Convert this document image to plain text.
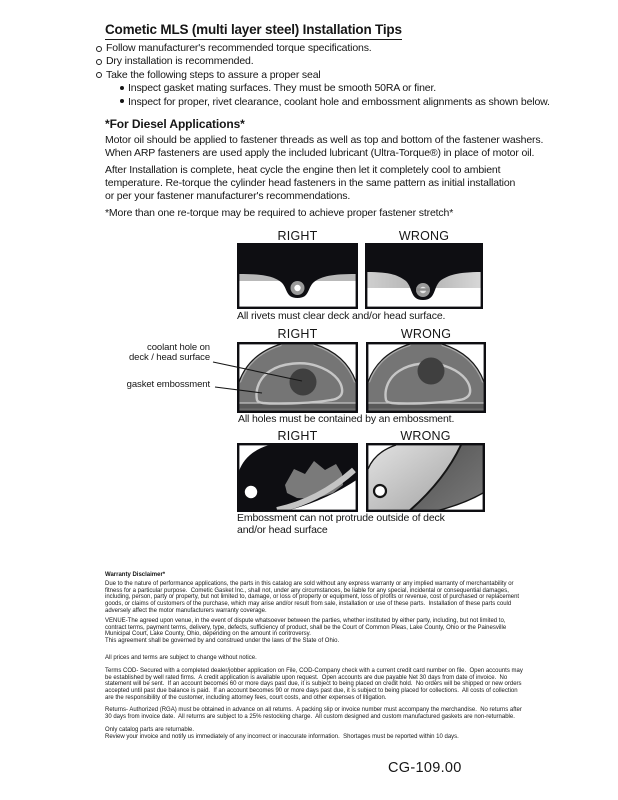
Cometic MLS (multi layer steel) Installation Tips
Follow manufacturer's recommended torque specifications.
Dry installation is recommended.
Take the following steps to assure a proper seal
Inspect gasket mating surfaces. They must be smooth 50RA or finer.
Inspect for proper, rivet clearance, coolant hole and embossment alignments as shown below.
*For Diesel Applications*
Motor oil should be applied to fastener threads as well as top and bottom of the fastener washers.
When ARP fasteners are used apply the included lubricant (Ultra-Torque®) in place of motor oil.
After Installation is complete, heat cycle the engine then let it completely cool to ambient
temperature. Re-torque the cylinder head fasteners in the same pattern as initial installation
or per your fastener manufacturer's recommendations.
*More than one re-torque may be required to achieve proper fastener stretch*
RIGHT	WRONG
All rivets must clear deck and/or head surface.
RIGHT	WRONG
coolant hole on
deck / head surface
gasket embossment
All holes must be contained by an embossment.
RIGHT	WRONG
Embossment can not protrude outside of deck
and/or head surface
Warranty Disclaimer*
Due to the nature of performance applications, the parts in this catalog are sold without any express warranty or any implied warranty of merchantability or
fitness for a particular purpose.  Cometic Gasket Inc., shall not, under any circumstances, be liable for any special, incidental or consequential damages,
including, person, party or property, but not limited to, damage, or loss of property or equipment, loss of profits or revenue, cost of purchased or replacement
goods, or claims of customers of the purchase, which may arise and/or result from sale, installation or use of these parts.  Installation of these parts could
adversely affect the motor manufacturers warranty coverage.
VENUE-The agreed upon venue, in the event of dispute whatsoever between the parties, whether instituted by either party, including, but not limited to,
contract terms, payment terms, delivery, type, defects, sufficiency of product, shall be the Court of Common Pleas, Lake County, Ohio or the Painesville
Municipal Court, Lake County, Ohio, depending on the amount in controversy.
This agreement shall be governed by and construed under the laws of the State of Ohio.
All prices and terms are subject to change without notice.
Terms COD- Secured with a completed dealer/jobber application on File, COD-Company check with a current credit card number on file.  Open accounts may
be established by well rated firms.  A credit application is available upon request.  Open accounts are due payable Net 30 days from date of invoice.  No
statement will be sent.  If an account becomes 60 or more days past due, it is subject to being placed on credit hold.  No orders will be shipped or new orders
accepted until past due balance is paid.  If an account becomes 90 or more days past due, it is subject to being placed for collections.  All costs of collection
are the responsibility of the customer, including attorney fees, court costs, and other expenses of litigation.
Returns- Authorized (RGA) must be obtained in advance on all returns.  A packing slip or invoice number must accompany the merchandise.  No returns after
30 days from invoice date.  All returns are subject to a 25% restocking charge.  All custom designed and custom manufactured gaskets are non-returnable.
Only catalog parts are returnable.
Review your invoice and notify us immediately of any incorrect or inaccurate information.  Shortages must be reported within 10 days.
CG-109.00
